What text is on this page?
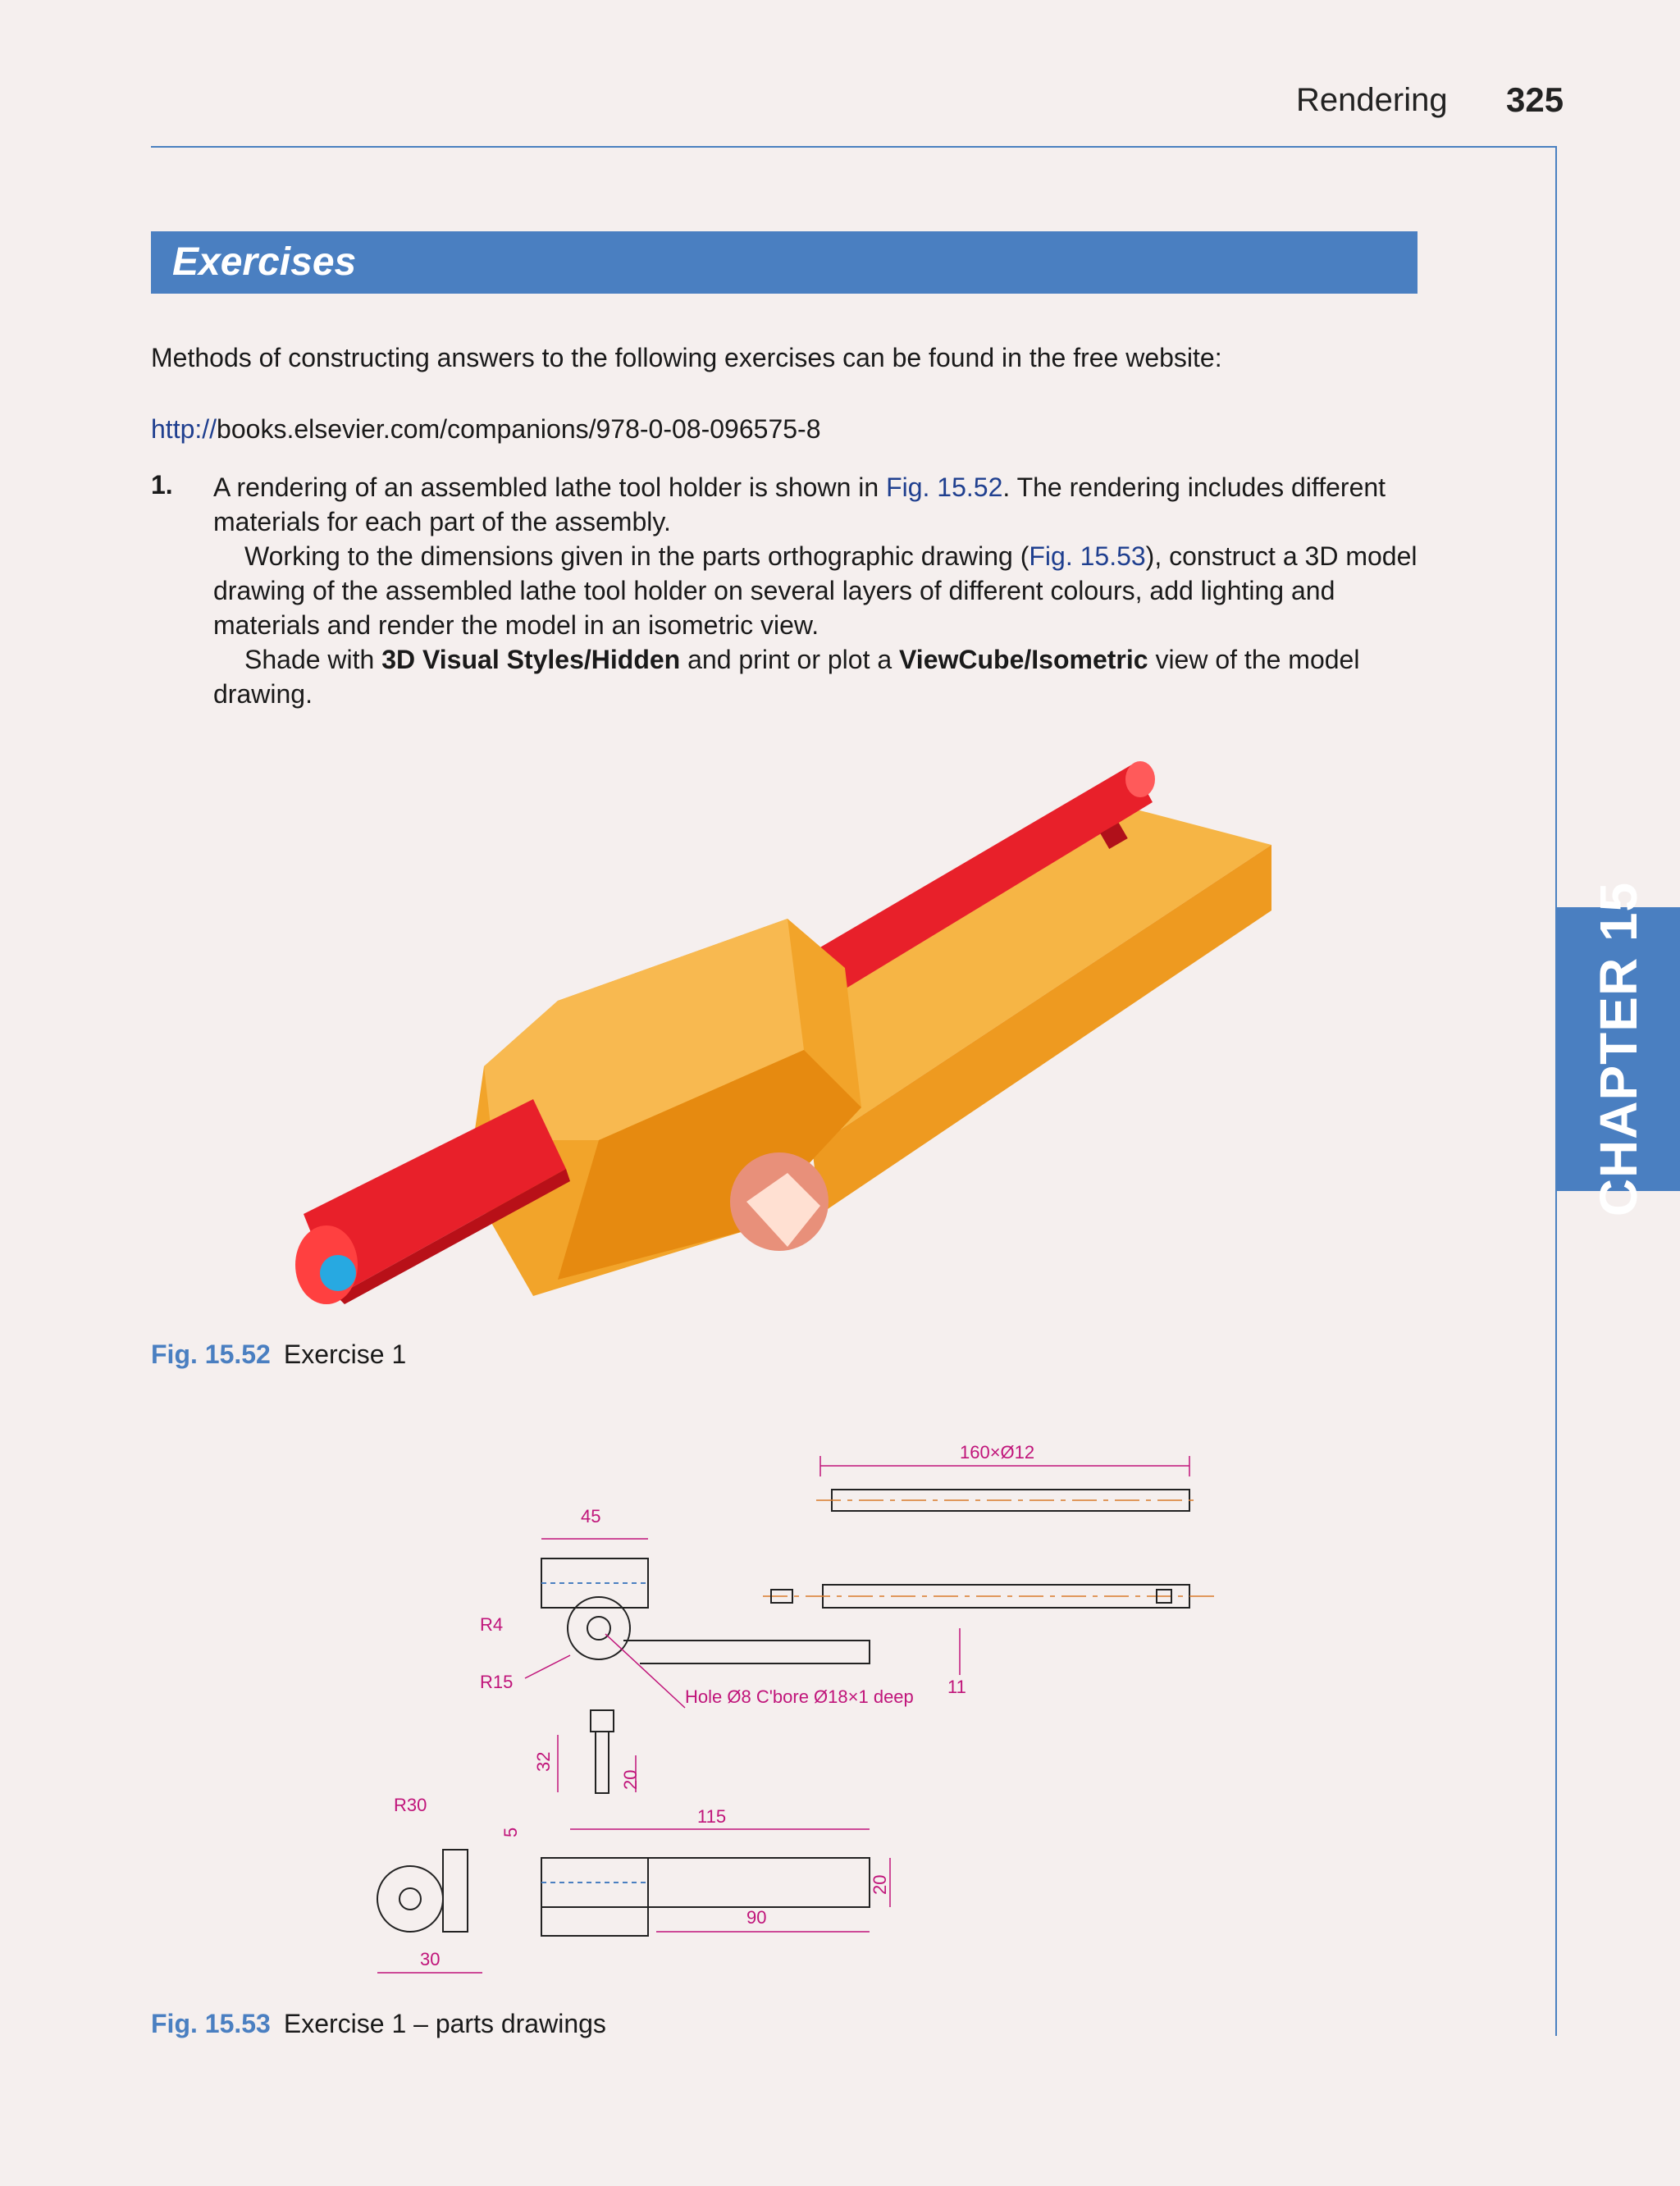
Rendering 325
Exercises
Methods of constructing answers to the following exercises can be found in the free website:
http://books.elsevier.com/companions/978-0-08-096575-8
1. A rendering of an assembled lathe tool holder is shown in Fig. 15.52. The rendering includes different materials for each part of the assembly.

Working to the dimensions given in the parts orthographic drawing (Fig. 15.53), construct a 3D model drawing of the assembled lathe tool holder on several layers of different colours, add lighting and materials and render the model in an isometric view.

Shade with 3D Visual Styles/Hidden and print or plot a ViewCube/Isometric view of the model drawing.

CHAPTER 15
Fig. 15.52 Exercise 1
160×Ø12
45
R4
R15
Hole Ø8 C'bore Ø18×1 deep 11
32
20
115
20
90
5
R30
30
Fig. 15.53 Exercise 1 – parts drawings
